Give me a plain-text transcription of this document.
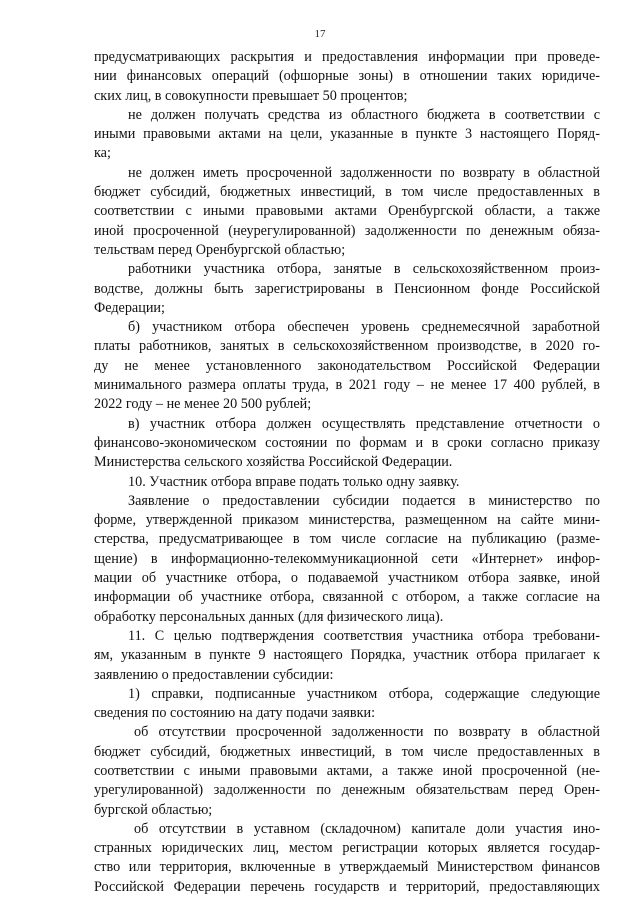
17
предусматривающих раскрытия и предоставления информации при проведе-
нии финансовых операций (офшорные зоны) в отношении таких юридиче-
ских лиц, в совокупности превышает 50 процентов;
не должен получать средства из областного бюджета в соответствии с
иными правовыми актами на цели, указанные в пункте 3 настоящего Поряд-
ка;
не должен иметь просроченной задолженности по возврату в областной
бюджет субсидий, бюджетных инвестиций, в том числе предоставленных в
соответствии с иными правовыми актами Оренбургской области, а также
иной просроченной (неурегулированной) задолженности по денежным обяза-
тельствам перед Оренбургской областью;
работники участника отбора, занятые в сельскохозяйственном произ-
водстве, должны быть зарегистрированы в Пенсионном фонде Российской
Федерации;
б) участником отбора обеспечен уровень среднемесячной заработной
платы работников, занятых в сельскохозяйственном производстве, в 2020 го-
ду не менее установленного законодательством Российской Федерации
минимального размера оплаты труда, в 2021 году – не менее 17 400 рублей, в
2022 году – не менее 20 500 рублей;
в) участник отбора должен осуществлять представление отчетности о
финансово-экономическом состоянии по формам и в сроки согласно приказу
Министерства сельского хозяйства Российской Федерации.
10. Участник отбора вправе подать только одну заявку.
Заявление о предоставлении субсидии подается в министерство по
форме, утвержденной приказом министерства, размещенном на сайте мини-
стерства, предусматривающее в том числе согласие на публикацию (разме-
щение) в информационно-телекоммуникационной сети «Интернет» инфор-
мации об участнике отбора, о подаваемой участником отбора заявке, иной
информации об участнике отбора, связанной с отбором, а также согласие на
обработку персональных данных (для физического лица).
11. С целью подтверждения соответствия участника отбора требовани-
ям, указанным в пункте 9 настоящего Порядка, участник отбора прилагает к
заявлению о предоставлении субсидии:
1) справки, подписанные участником отбора, содержащие следующие
сведения по состоянию на дату подачи заявки:
об отсутствии просроченной задолженности по возврату в областной
бюджет субсидий, бюджетных инвестиций, в том числе предоставленных в
соответствии с иными правовыми актами, а также иной просроченной (не-
урегулированной) задолженности по денежным обязательствам перед Орен-
бургской областью;
об отсутствии в уставном (складочном) капитале доли участия ино-
странных юридических лиц, местом регистрации которых является государ-
ство или территория, включенные в утверждаемый Министерством финансов
Российской Федерации перечень государств и территорий, предоставляющих
